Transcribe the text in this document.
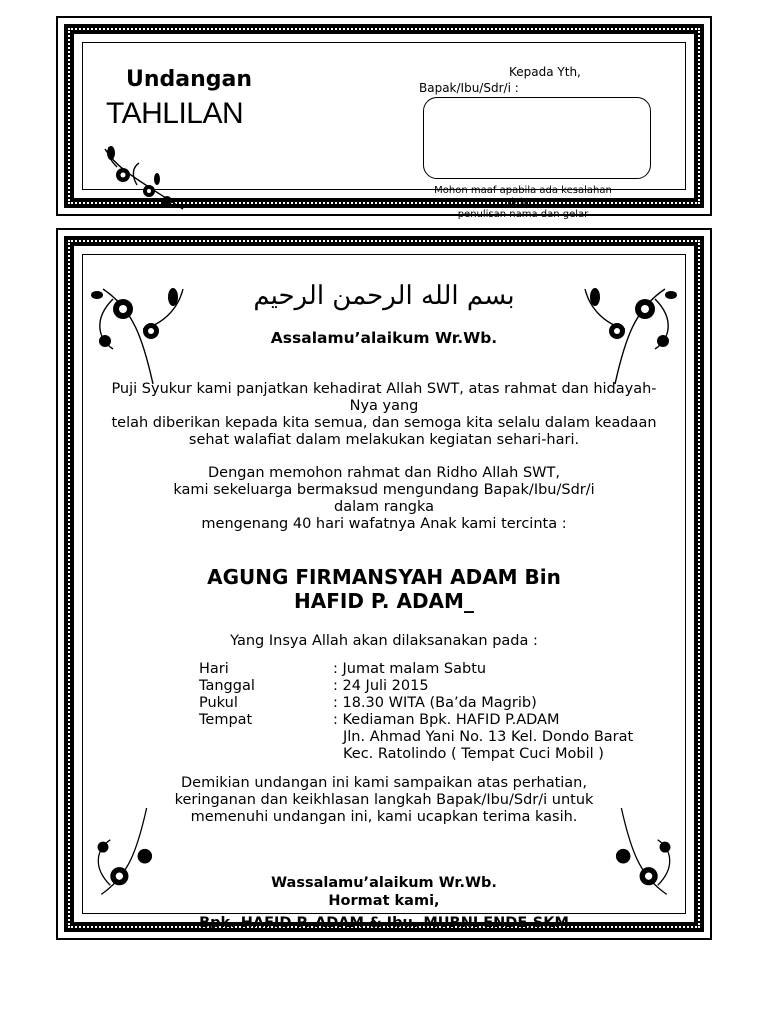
Undangan
TAHLILAN
Kepada Yth,
Bapak/Ibu/Sdr/i :
Mohon maaf apabila ada kesalahan
dalam
penulisan nama dan gelar
بسم الله الرحمن الرحيم
Assalamu’alaikum Wr.Wb.
Puji Syukur kami panjatkan kehadirat Allah SWT, atas rahmat dan hidayah-
Nya yang
telah diberikan kepada kita semua, dan semoga kita selalu dalam keadaan
sehat walafiat dalam melakukan kegiatan sehari-hari.
Dengan memohon rahmat dan Ridho Allah SWT,
kami sekeluarga bermaksud mengundang Bapak/Ibu/Sdr/i
dalam rangka
mengenang 40 hari wafatnya Anak kami tercinta :
AGUNG FIRMANSYAH ADAM Bin
HAFID P. ADAM_
Yang Insya Allah akan dilaksanakan pada :
Hari	: Jumat malam Sabtu
Tanggal	: 24 Juli 2015
Pukul	: 18.30 WITA (Ba’da Magrib)
Tempat	: Kediaman Bpk. HAFID P.ADAM
	Jln. Ahmad Yani No. 13 Kel. Dondo Barat
	Kec. Ratolindo ( Tempat Cuci Mobil )
Demikian undangan ini kami sampaikan atas perhatian,
keringanan dan keikhlasan langkah Bapak/Ibu/Sdr/i untuk
memenuhi undangan ini, kami ucapkan terima kasih.
Wassalamu’alaikum Wr.Wb.
Hormat kami,
Bpk. HAFID P. ADAM & Ibu. MURNI ENDE,SKM
